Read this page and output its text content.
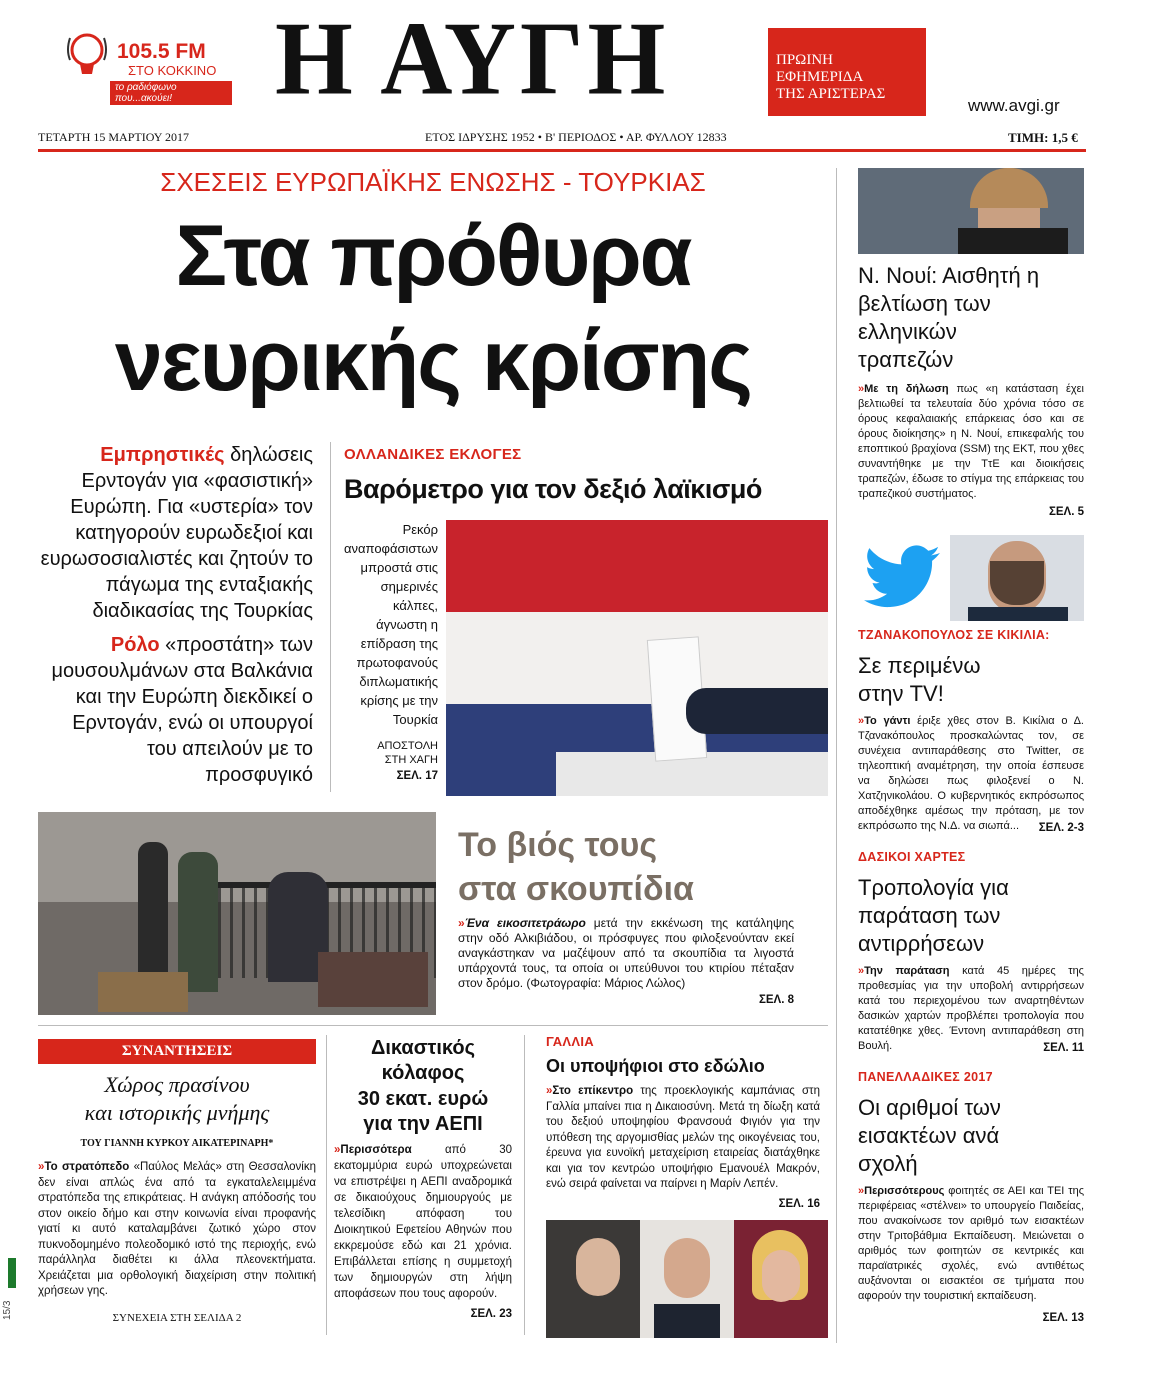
105.5 FM
ΣΤΟ ΚΟΚΚΙΝΟ
το ραδιόφωνο που...ακούει!	Η ΑΥΓΗ	ΠΡΩΙΝΗ
ΕΦΗΜΕΡΙΔΑ
ΤΗΣ ΑΡΙΣΤΕΡΑΣ
www.avgi.gr
ΤΕΤΑΡΤΗ 15 ΜΑΡΤΙΟΥ 2017	ΕΤΟΣ ΙΔΡΥΣΗΣ 1952 • Β' ΠΕΡΙΟΔΟΣ • ΑΡ. ΦΥΛΛΟΥ 12833	ΤΙΜΗ: 1,5 €
ΣΧΕΣΕΙΣ ΕΥΡΩΠΑΪΚΗΣ ΕΝΩΣΗΣ - ΤΟΥΡΚΙΑΣ
Στα πρόθυρα
νευρικής κρίσης
Εμπρηστικές δηλώσεις Ερντογάν για «φασιστική» Ευρώπη. Για «υστερία» τον κατηγορούν ευρωδεξιοί και ευρωσοσιαλιστές και ζητούν το πάγωμα της ενταξιακής διαδικασίας της Τουρκίας
Ρόλο «προστάτη» των μουσουλμάνων στα Βαλκάνια και την Ευρώπη διεκδικεί ο Ερντογάν, ενώ οι υπουργοί του απειλούν με το προσφυγικό
ΟΛΛΑΝΔΙΚΕΣ ΕΚΛΟΓΕΣ
Βαρόμετρο για τον δεξιό λαϊκισμό
Ρεκόρ αναποφάσιστων μπροστά στις σημερινές κάλπες, άγνωστη η επίδραση της πρωτοφανούς διπλωματικής κρίσης με την Τουρκία
ΑΠΟΣΤΟΛΗ
ΣΤΗ ΧΑΓΗ
ΣΕΛ. 17
Το βιός τους
στα σκουπίδια
»Ένα εικοσιτετράωρο μετά την εκκένωση της κατάληψης στην οδό Αλκιβιάδου, οι πρόσφυγες που φιλοξενούνταν εκεί αναγκάστηκαν να μαζέψουν από τα σκουπίδια τα λιγοστά υπάρχοντά τους, τα οποία οι υπεύθυνοι του κτιρίου πέταξαν στον δρόμο. (Φωτογραφία: Μάριος Λώλος)
ΣΕΛ. 8
ΣΥΝΑΝΤΗΣΕΙΣ
Χώρος πρασίνου
και ιστορικής μνήμης
ΤΟΥ ΓΙΑΝΝΗ ΚΥΡΚΟΥ ΑΙΚΑΤΕΡΙΝΑΡΗ*
»Το στρατόπεδο «Παύλος Μελάς» στη Θεσσαλονίκη δεν είναι απλώς ένα από τα εγκαταλελειμμένα στρατόπεδα της επικράτειας. Η ανάγκη απόδοσής του στον οικείο δήμο και στην κοινωνία είναι προφανής γιατί κι αυτό καταλαμβάνει ζωτικό χώρο στον πυκνοδομημένο πολεοδομικό ιστό της περιοχής, ενώ παράλληλα διαθέτει κι άλλα πλεονεκτήματα. Χρειάζεται μια ορθολογική διαχείριση στην πολιτική χρήσεων γης.
ΣΥΝΕΧΕΙΑ ΣΤΗ ΣΕΛΙΔΑ 2
Δικαστικός
κόλαφος
30 εκατ. ευρώ
για την ΑΕΠΙ
»Περισσότερα	από 30 εκατομμύρια ευρώ υποχρεώνεται να επιστρέψει η ΑΕΠΙ αναδρομικά σε δικαιούχους δημιουργούς με τελεσίδικη απόφαση του Διοικητικού Εφετείου Αθηνών που εκκρεμούσε εδώ και 21 χρόνια. Επιβάλλεται επίσης η συμμετοχή των δημιουργών στη λήψη αποφάσεων που τους αφορούν.
ΣΕΛ. 23
ΓΑΛΛΙΑ
Οι υποψήφιοι στο εδώλιο
»Στο επίκεντρο της προεκλογικής καμπάνιας στη Γαλλία μπαίνει πια η Δικαιοσύνη. Μετά τη δίωξη κατά του δεξιού υποψηφίου Φρανσουά Φιγιόν για την υπόθεση της αργομισθίας μελών της οικογένειας του, έρευνα για ευνοϊκή μεταχείριση εταιρείας διατάχθηκε και για τον κεντρώο υποψήφιο Εμανουέλ Μακρόν, ενώ σειρά φαίνεται να παίρνει η Μαρίν Λεπέν.
ΣΕΛ. 16
Ν. Νουί: Αισθητή η βελτίωση των ελληνικών τραπεζών
»Με τη δήλωση πως «η κατάσταση έχει βελτιωθεί τα τελευταία δύο χρόνια τόσο σε όρους κεφαλαιακής επάρκειας όσο και σε όρους διοίκησης» η Ν. Νουί, επικεφαλής του εποπτικού βραχίονα (SSM) της ΕΚΤ, που χθες συναντήθηκε με την ΤτΕ και διοικήσεις τραπεζών, έδωσε το στίγμα της επάρκειας του τραπεζικού συστήματος.
ΣΕΛ. 5
ΤΖΑΝΑΚΟΠΟΥΛΟΣ ΣΕ ΚΙΚΙΛΙΑ:
Σε περιμένω στην TV!
»Το γάντι έριξε χθες στον Β. Κικίλια ο Δ. Τζανακόπουλος προσκαλώντας τον, σε συνέχεια αντιπαράθεσης στο Twitter, σε τηλεοπτική αναμέτρηση, την οποία έσπευσε να δηλώσει πως φιλοξενεί ο Ν. Χατζηνικολάου. Ο κυβερνητικός εκπρόσωπος αποδέχθηκε αμέσως την πρόταση, με τον εκπρόσωπο της Ν.Δ. να σιωπά...	ΣΕΛ. 2-3
ΔΑΣΙΚΟΙ ΧΑΡΤΕΣ
Τροπολογία για παράταση των αντιρρήσεων
»Την παράταση κατά 45 ημέρες της προθεσμίας για την υποβολή αντιρρήσεων κατά του περιεχομένου των αναρτηθέντων δασικών χαρτών προβλέπει τροπολογία που κατατέθηκε χθες. Έντονη αντιπαράθεση στη Βουλή.	ΣΕΛ. 11
ΠΑΝΕΛΛΑΔΙΚΕΣ 2017
Οι αριθμοί των εισακτέων ανά σχολή
»Περισσότερους φοιτητές σε ΑΕΙ και ΤΕΙ της περιφέρειας «στέλνει» το υπουργείο Παιδείας, που ανακοίνωσε τον αριθμό των εισακτέων στην Τριτοβάθμια Εκπαίδευση. Μειώνεται ο αριθμός των φοιτητών σε κεντρικές και παραϊατρικές σχολές, ενώ αντιθέτως αυξάνονται οι εισακτέοι σε τμήματα που αφορούν την τουριστική εκπαίδευση.
ΣΕΛ. 13
15/3
